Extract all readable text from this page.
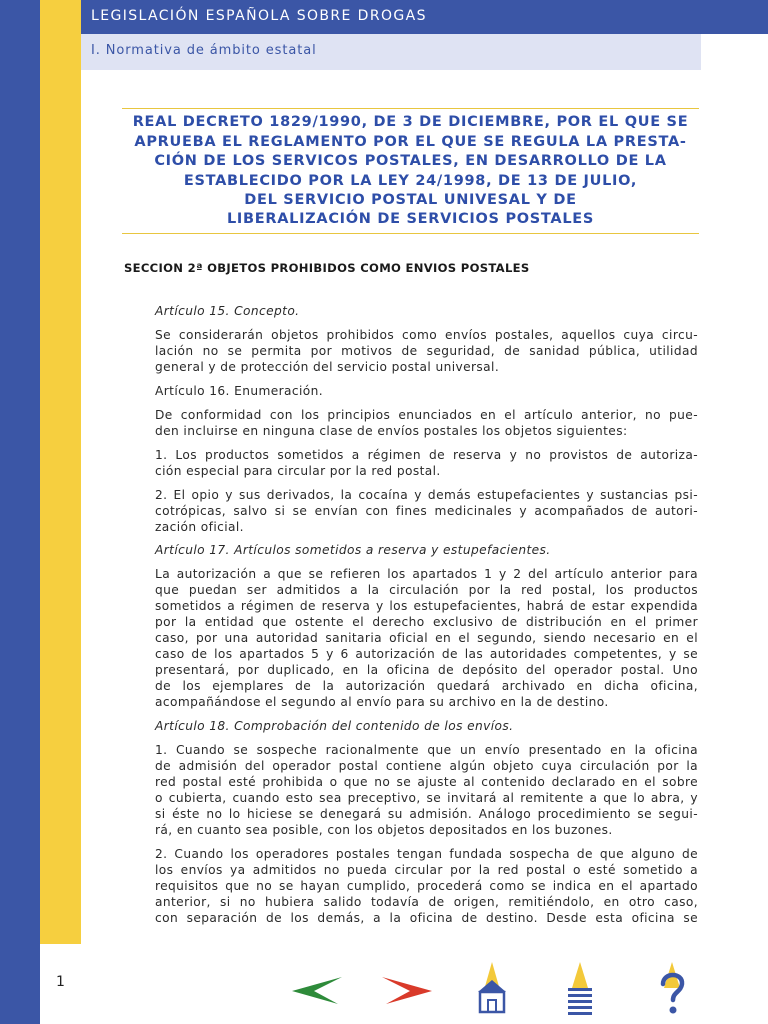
LEGISLACIÓN ESPAÑOLA SOBRE DROGAS
I. Normativa de ámbito estatal
REAL DECRETO 1829/1990, DE 3 DE DICIEMBRE, POR EL QUE SE
APRUEBA EL REGLAMENTO POR EL QUE SE REGULA LA PRESTA-
CIÓN DE LOS SERVICOS POSTALES, EN DESARROLLO DE LA
ESTABLECIDO POR LA LEY 24/1998, DE 13 DE JULIO,
DEL SERVICIO POSTAL UNIVESAL Y DE
LIBERALIZACIÓN DE SERVICIOS POSTALES
SECCION 2ª OBJETOS PROHIBIDOS COMO ENVIOS POSTALES
Artículo 15. Concepto.
Se considerarán objetos prohibidos como envíos postales, aquellos cuya circu-
lación no se permita por motivos de seguridad, de sanidad pública, utilidad
general y de protección del servicio postal universal.
Artículo 16. Enumeración.
De conformidad con los principios enunciados en el artículo anterior, no pue-
den incluirse en ninguna clase de envíos postales los objetos siguientes:
1. Los productos sometidos a régimen de reserva y no provistos de autoriza-
ción especial para circular por la red postal.
2. El opio y sus derivados, la cocaína y demás estupefacientes y sustancias psi-
cotrópicas, salvo si se envían con fines medicinales y acompañados de autori-
zación oficial.
Artículo 17. Artículos sometidos a reserva y estupefacientes.
La autorización a que se refieren los apartados 1 y 2 del artículo anterior para
que puedan ser admitidos a la circulación por la red postal, los productos
sometidos a régimen de reserva y los estupefacientes, habrá de estar expendida
por la entidad que ostente el derecho exclusivo de distribución en el primer
caso, por una autoridad sanitaria oficial en el segundo, siendo necesario en el
caso de los apartados 5 y 6 autorización de las autoridades competentes, y se
presentará, por duplicado, en la oficina de depósito del operador postal. Uno
de los ejemplares de la autorización quedará archivado en dicha oficina,
acompañándose el segundo al envío para su archivo en la de destino.
Artículo 18. Comprobación del contenido de los envíos.
1. Cuando se sospeche racionalmente que un envío presentado en la oficina
de admisión del operador postal contiene algún objeto cuya circulación por la
red postal esté prohibida o que no se ajuste al contenido declarado en el sobre
o cubierta, cuando esto sea preceptivo, se invitará al remitente a que lo abra, y
si éste no lo hiciese se denegará su admisión. Análogo procedimiento se segui-
rá, en cuanto sea posible, con los objetos depositados en los buzones.
2. Cuando los operadores postales tengan fundada sospecha de que alguno de
los envíos ya admitidos no pueda circular por la red postal o esté sometido a
requisitos que no se hayan cumplido, procederá como se indica en el apartado
anterior, si no hubiera salido todavía de origen, remitiéndolo, en otro caso,
con separación de los demás, a la oficina de destino. Desde esta oficina se
1
